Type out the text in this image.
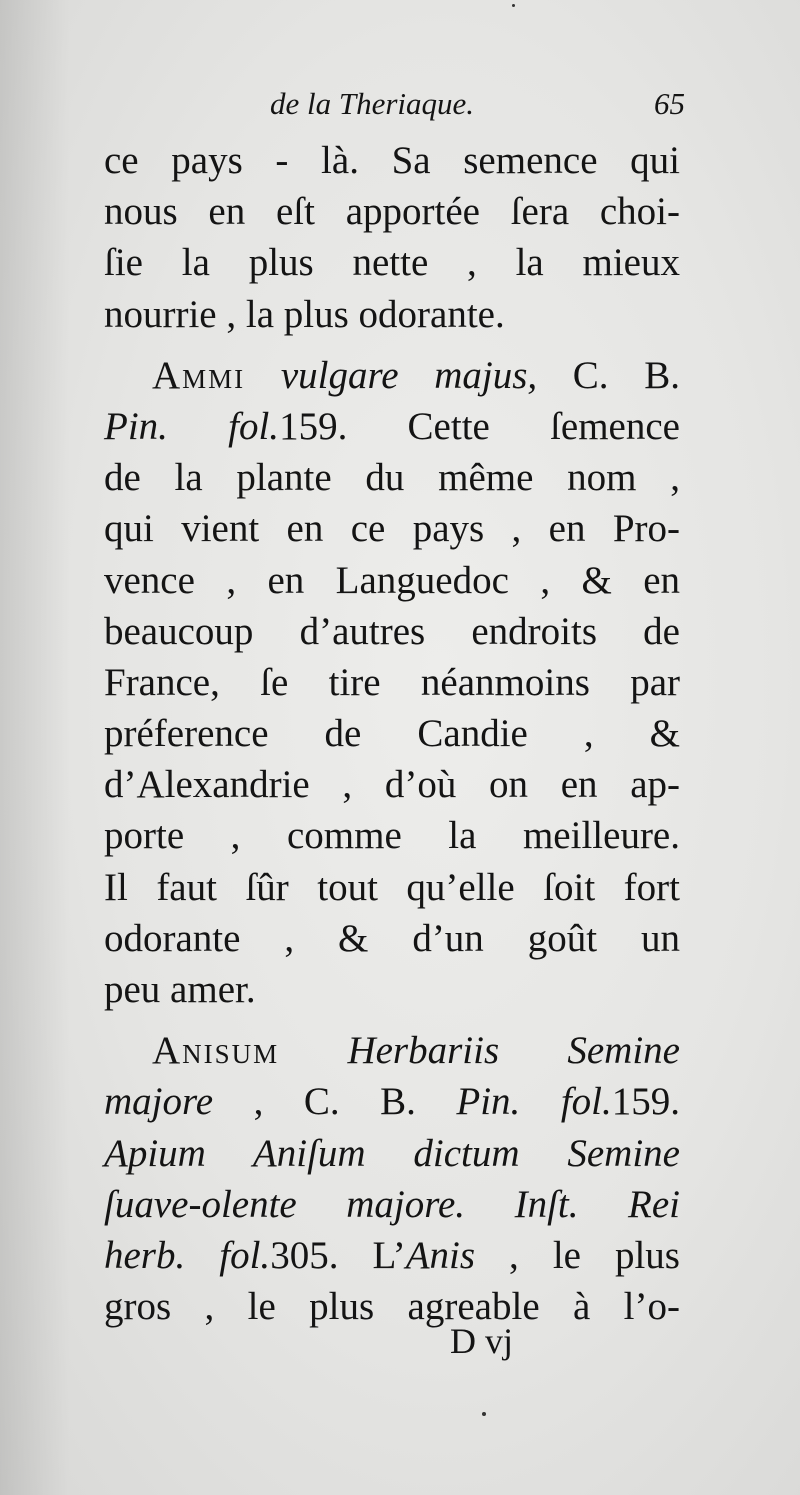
de la Theriaque.	65
ce pays - là. Sa semence qui
nous en eſt apportée ſera choi-
ſie la plus nette , la mieux
nourrie , la plus odorante.
Ammi vulgare majus, C. B.
Pin. fol.159. Cette ſemence
de la plante du même nom ,
qui vient en ce pays , en Pro-
vence , en Languedoc , & en
beaucoup d’autres endroits de
France, ſe tire néanmoins par
préference de Candie , &
d’Alexandrie , d’où on en ap-
porte , comme la meilleure.
Il faut ſûr tout qu’elle ſoit fort
odorante , & d’un goût un
peu amer.
Anisum Herbariis Semine
majore , C. B. Pin. fol.159.
Apium Aniſum dictum Semine
ſuave-olente majore. Inſt. Rei
herb. fol.305. L’Anis , le plus
gros , le plus agreable à l’o-
D vj
